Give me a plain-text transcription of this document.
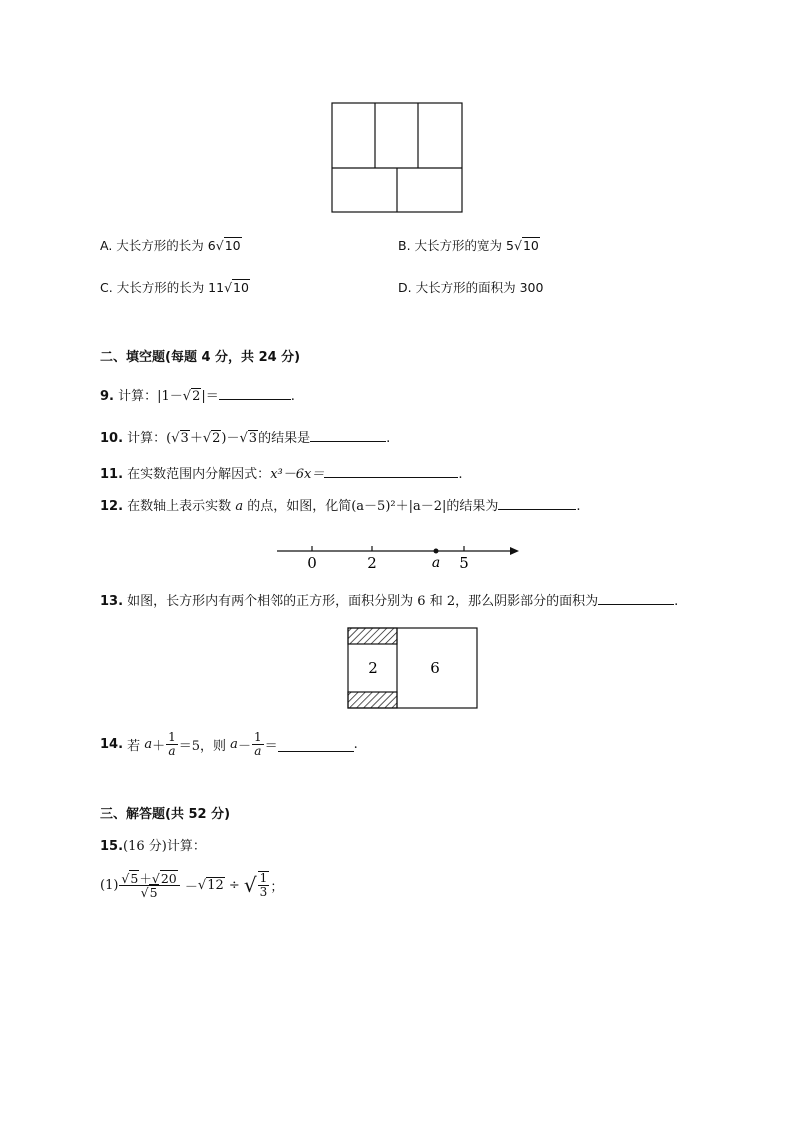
A. 大长方形的长为 6√10	B. 大长方形的宽为 5√10
C. 大长方形的长为 11√10	D. 大长方形的面积为 300
二、填空题(每题 4 分，共 24 分)
9. 计算：|1－√2|＝	.
10. 计算：(√3＋√2)－√3的结果是	.
11. 在实数范围内分解因式：x³－6x＝	.
12. 在数轴上表示实数 a 的点，如图，化简(a－5)²＋|a－2|的结果为	.
0	2	a 5
13. 如图，长方形内有两个相邻的正方形，面积分别为 6 和 2，那么阴影部分的面积为	.
2	6
14.
若
$a + \frac{1}{a} =5$，则
$a - \frac{1}{a}$ ＝	.
三、解答题(共 52 分)
15.(16 分)计算：
$(1) \frac{√5+√20}{√5}$
－ √12
÷
√ $\frac{1}{3}$ ；
